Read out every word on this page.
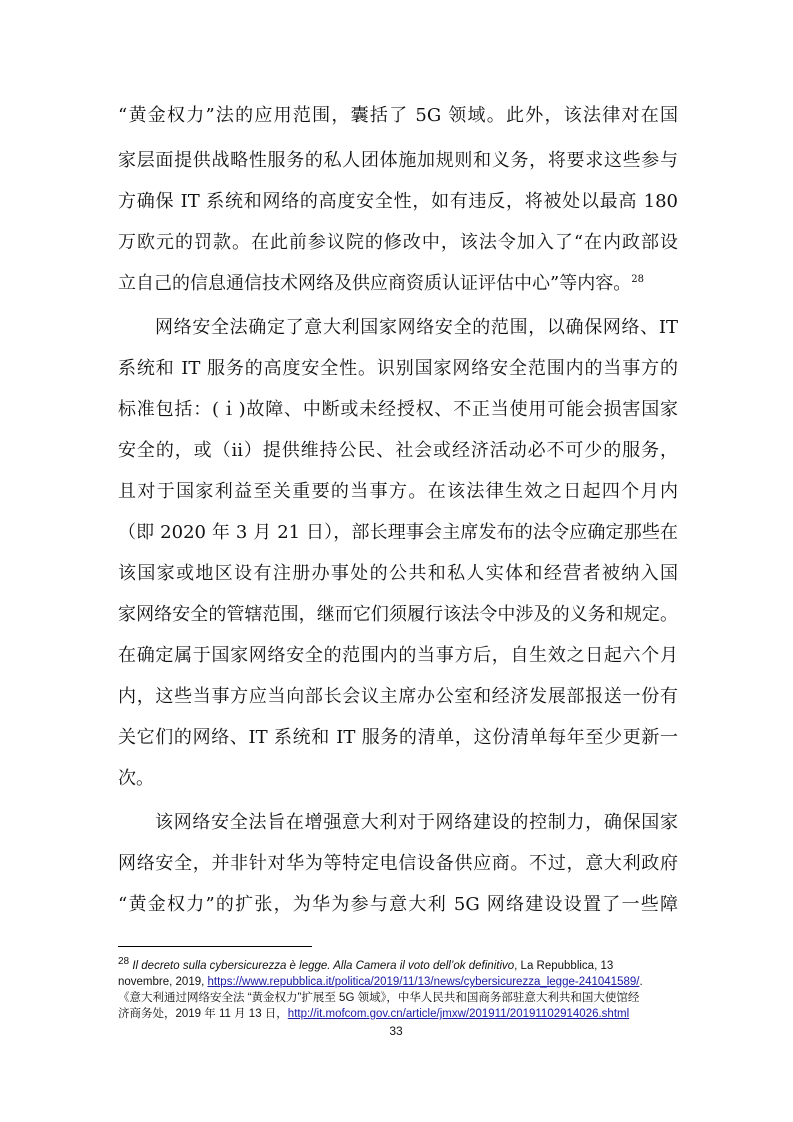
“黄金权力”法的应用范围，囊括了 5G 领域。此外，该法律对在国
家层面提供战略性服务的私人团体施加规则和义务，将要求这些参与
方确保 IT 系统和网络的高度安全性，如有违反，将被处以最高 180
万欧元的罚款。在此前参议院的修改中，该法令加入了“在内政部设
立自己的信息通信技术网络及供应商资质认证评估中心”等内容。$^{28}$
网络安全法确定了意大利国家网络安全的范围，以确保网络、IT
系统和 IT 服务的高度安全性。识别国家网络安全范围内的当事方的
标准包括：(ｉ)故障、中断或未经授权、不正当使用可能会损害国家
安全的，或（ii）提供维持公民、社会或经济活动必不可少的服务，
且对于国家利益至关重要的当事方。在该法律生效之日起四个月内
（即 2020 年 3 月 21 日），部长理事会主席发布的法令应确定那些在
该国家或地区设有注册办事处的公共和私人实体和经营者被纳入国
家网络安全的管辖范围，继而它们须履行该法令中涉及的义务和规定。
在确定属于国家网络安全的范围内的当事方后，自生效之日起六个月
内，这些当事方应当向部长会议主席办公室和经济发展部报送一份有
关它们的网络、IT 系统和 IT 服务的清单，这份清单每年至少更新一
次。
该网络安全法旨在增强意大利对于网络建设的控制力，确保国家
网络安全，并非针对华为等特定电信设备供应商。不过，意大利政府
“黄金权力”的扩张，为华为参与意大利 5G 网络建设设置了一些障
$^{28}$ Il decreto sulla cybersicurezza è legge. Alla Camera il voto dell’ok definitivo, La Repubblica, 13
novembre, 2019, https://www.repubblica.it/politica/2019/11/13/news/cybersicurezza_legge-241041589/.
《意大利通过网络安全法 “黄金权力”扩展至 5G 领域》，中华人民共和国商务部驻意大利共和国大使馆经
济商务处，2019 年 11 月 13 日，http://it.mofcom.gov.cn/article/jmxw/201911/20191102914026.shtml
33
